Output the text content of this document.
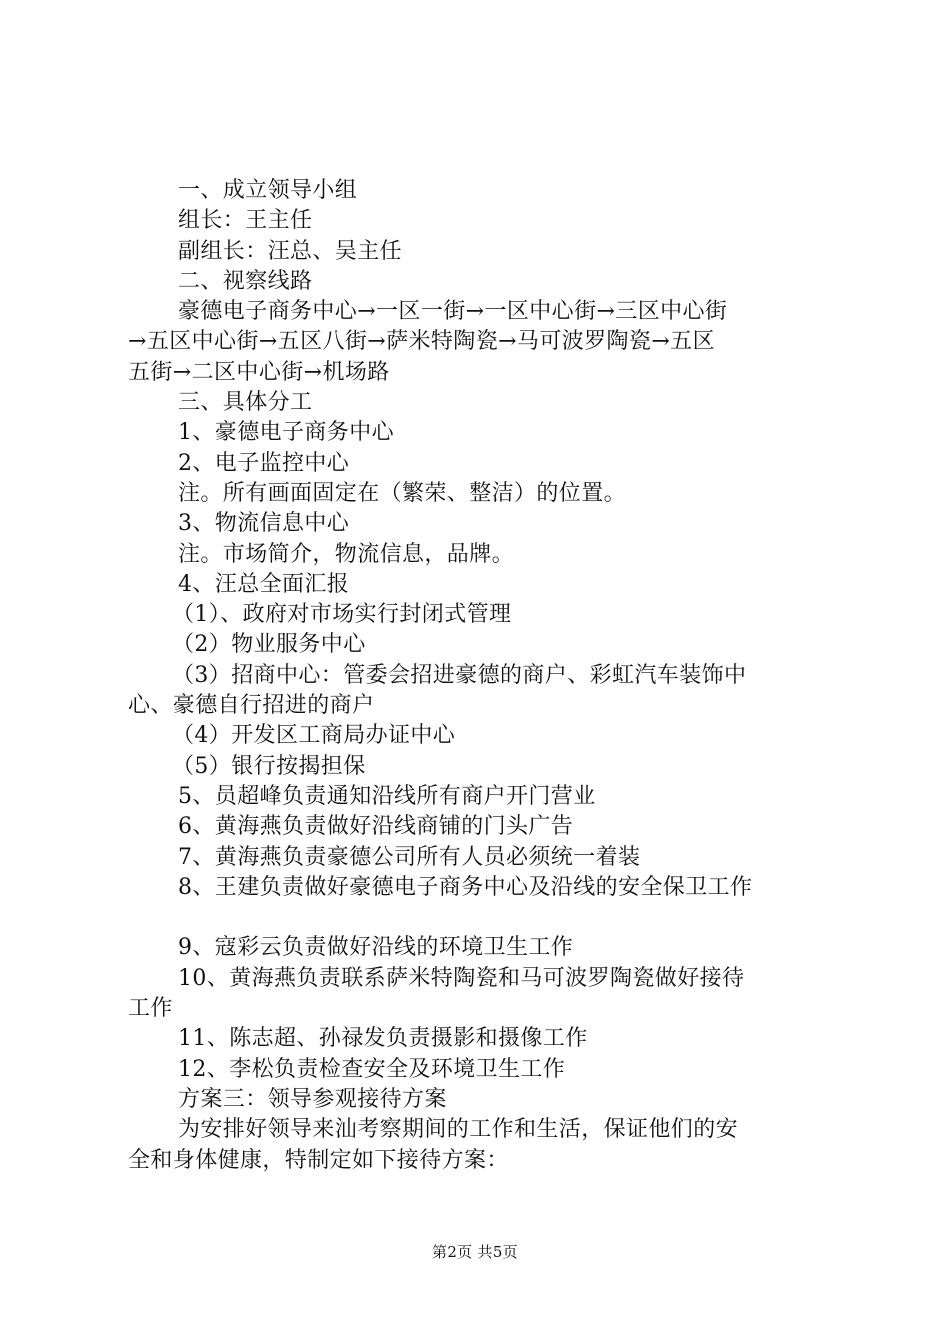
一、成立领导小组
组长：王主任
副组长：汪总、吴主任
二、视察线路
豪德电子商务中心→一区一街→一区中心街→三区中心街
→五区中心街→五区八街→萨米特陶瓷→马可波罗陶瓷→五区
五街→二区中心街→机场路
三、具体分工
1、豪德电子商务中心
2、电子监控中心
注。所有画面固定在（繁荣、整洁）的位置。
3、物流信息中心
注。市场简介，物流信息，品牌。
4、汪总全面汇报
（1）、政府对市场实行封闭式管理
（2）物业服务中心
（3）招商中心：管委会招进豪德的商户、彩虹汽车装饰中
心、豪德自行招进的商户
（4）开发区工商局办证中心
（5）银行按揭担保
5、员超峰负责通知沿线所有商户开门营业
6、黄海燕负责做好沿线商铺的门头广告
7、黄海燕负责豪德公司所有人员必须统一着装
8、王建负责做好豪德电子商务中心及沿线的安全保卫工作
9、寇彩云负责做好沿线的环境卫生工作
10、黄海燕负责联系萨米特陶瓷和马可波罗陶瓷做好接待
工作
11、陈志超、孙禄发负责摄影和摄像工作
12、李松负责检查安全及环境卫生工作
方案三：领导参观接待方案
为安排好领导来汕考察期间的工作和生活，保证他们的安
全和身体健康，特制定如下接待方案：
第2页 共5页
